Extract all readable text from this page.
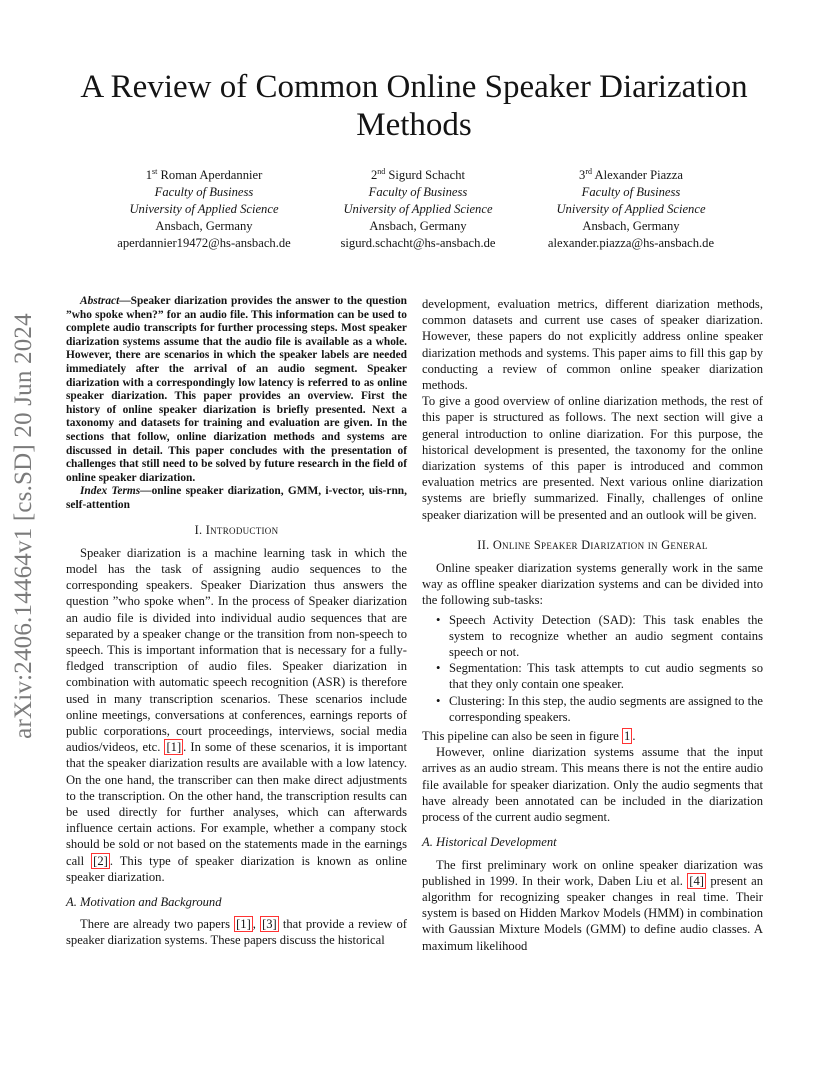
arXiv:2406.14464v1 [cs.SD] 20 Jun 2024
A Review of Common Online Speaker Diarization Methods
1st Roman Aperdannier
Faculty of Business
University of Applied Science
Ansbach, Germany
aperdannier19472@hs-ansbach.de
2nd Sigurd Schacht
Faculty of Business
University of Applied Science
Ansbach, Germany
sigurd.schacht@hs-ansbach.de
3rd Alexander Piazza
Faculty of Business
University of Applied Science
Ansbach, Germany
alexander.piazza@hs-ansbach.de

Abstract—Speaker diarization provides the answer to the question ”who spoke when?” for an audio file. This information can be used to complete audio transcripts for further processing steps. Most speaker diarization systems assume that the audio file is available as a whole. However, there are scenarios in which the speaker labels are needed immediately after the arrival of an audio segment. Speaker diarization with a correspondingly low latency is referred to as online speaker diarization. This paper provides an overview. First the history of online speaker diarization is briefly presented. Next a taxonomy and datasets for training and evaluation are given. In the sections that follow, online diarization methods and systems are discussed in detail. This paper concludes with the presentation of challenges that still need to be solved by future research in the field of online speaker diarization.

Index Terms—online speaker diarization, GMM, i-vector, uis-rnn, self-attention

I. Introduction

Speaker diarization is a machine learning task in which the model has the task of assigning audio sequences to the corresponding speakers. Speaker Diarization thus answers the question ”who spoke when”. In the process of Speaker diarization an audio file is divided into individual audio sequences that are separated by a speaker change or the transition from non-speech to speech. This is important information that is necessary for a fully-fledged transcription of audio files. Speaker diarization in combination with automatic speech recognition (ASR) is therefore used in many transcription scenarios. These scenarios include online meetings, conversations at conferences, earnings reports of public corporations, court proceedings, interviews, social media audios/videos, etc. [1] . In some of these scenarios, it is important that the speaker diarization results are available with a low latency. On the one hand, the transcriber can then make direct adjustments to the transcription. On the other hand, the transcription results can be used directly for further analyses, which can afterwards influence certain actions. For example, whether a company stock should be sold or not based on the statements made in the earnings call [2] . This type of speaker diarization is known as online speaker diarization.

A. Motivation and Background

There are already two papers [1] , [3] that provide a review of speaker diarization systems. These papers discuss the historical

development, evaluation metrics, different diarization methods, common datasets and current use cases of speaker diarization. However, these papers do not explicitly address online speaker diarization methods and systems. This paper aims to fill this gap by conducting a review of common online speaker diarization methods.

To give a good overview of online diarization methods, the rest of this paper is structured as follows. The next section will give a general introduction to online diarization. For this purpose, the historical development is presented, the taxonomy for the online diarization systems of this paper is introduced and common evaluation metrics are presented. Next various online diarization systems are briefly summarized. Finally, challenges of online speaker diarization will be presented and an outlook will be given.

II. Online Speaker Diarization in General

Online speaker diarization systems generally work in the same way as offline speaker diarization systems and can be divided into the following sub-tasks:

• Speech Activity Detection (SAD): This task enables the system to recognize whether an audio segment contains speech or not.
• Segmentation: This task attempts to cut audio segments so that they only contain one speaker.
• Clustering: In this step, the audio segments are assigned to the corresponding speakers.

This pipeline can also be seen in figure 1 .

However, online diarization systems assume that the input arrives as an audio stream. This means there is not the entire audio file available for speaker diarization. Only the audio segments that have already been annotated can be included in the diarization process of the current audio segment.

A. Historical Development

The first preliminary work on online speaker diarization was published in 1999. In their work, Daben Liu et al. [4] present an algorithm for recognizing speaker changes in real time. Their system is based on Hidden Markov Models (HMM) in combination with Gaussian Mixture Models (GMM) to define audio classes. A maximum likelihood
